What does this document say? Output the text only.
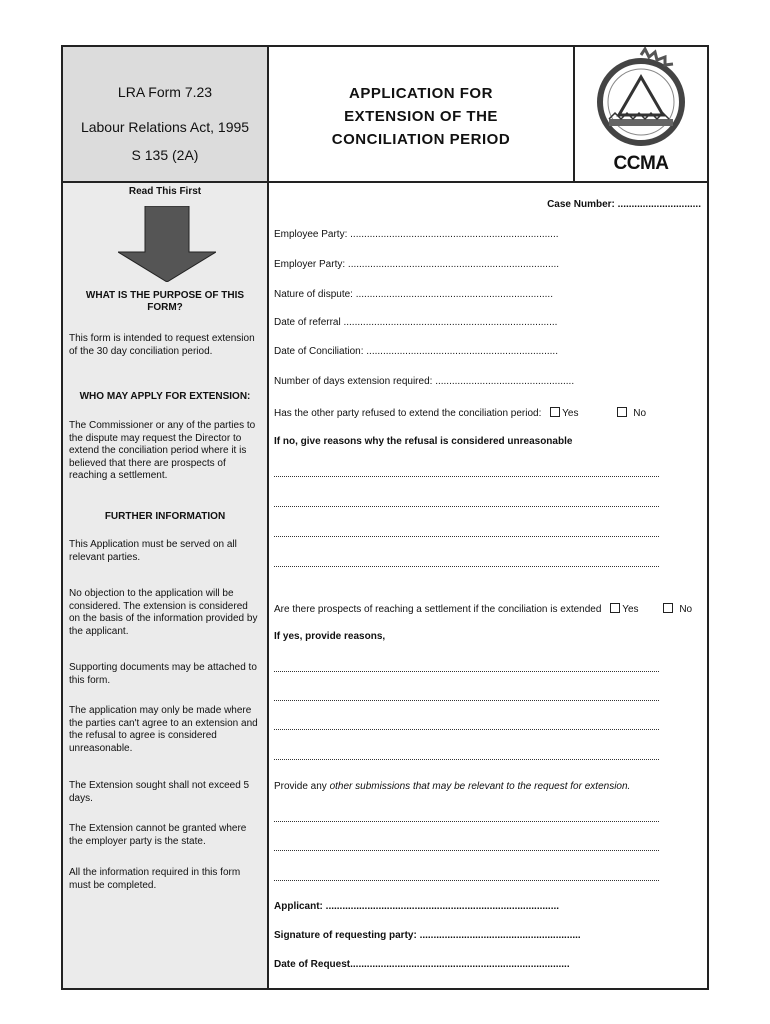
LRA Form 7.23
Labour Relations Act, 1995
S 135 (2A)
APPLICATION FOR
EXTENSION OF THE
CONCILIATION PERIOD
CCMA
Read This First
WHAT IS THE PURPOSE OF THIS
FORM?
This form is intended to request extension of the 30 day conciliation period.
WHO MAY APPLY FOR EXTENSION:
The Commissioner or any of the parties to the dispute may request the Director to extend the conciliation period where it is believed that there are prospects of reaching a settlement.
FURTHER INFORMATION
This Application must be served on all relevant parties.
No objection to the application will be considered. The extension is considered on the basis of the information provided by the applicant.
Supporting documents may be attached to this form.
The application may only be made where the parties can't agree to an extension and the refusal to agree is considered unreasonable.
The Extension sought shall not exceed 5 days.
The Extension cannot be granted where the employer party is the state.
All the information required in this form must be completed.
Case Number: ..............................
Employee Party: ...........................................................................
Employer Party: ............................................................................
Nature of dispute: .......................................................................
Date of referral .............................................................................
Date of Conciliation: .....................................................................
Number of days extension required: ..................................................
Has the other party refused to extend the conciliation period: Yes	No
If no, give reasons why the refusal is considered unreasonable
Are there prospects of reaching a settlement if the conciliation is extended Yes	No
If yes, provide reasons,
Provide any other submissions that may be relevant to the request for extension.
Applicant: ....................................................................................
Signature of requesting party: ..........................................................
Date of Request...............................................................................
